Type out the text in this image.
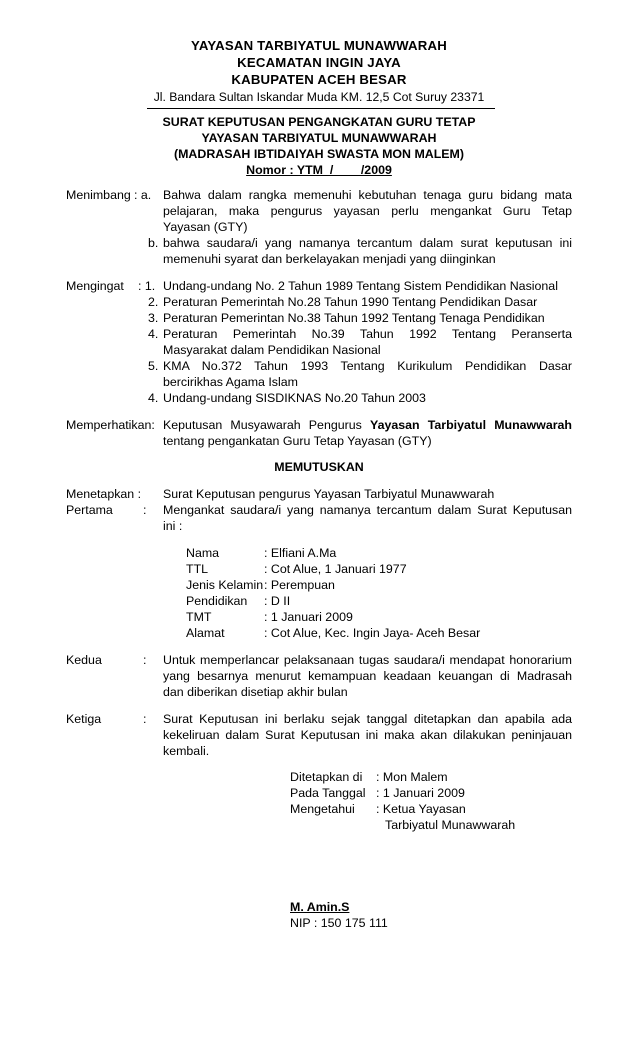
YAYASAN TARBIYATUL MUNAWWARAH
KECAMATAN INGIN JAYA
KABUPATEN ACEH BESAR
Jl. Bandara Sultan Iskandar Muda KM. 12,5 Cot Suruy 23371
SURAT KEPUTUSAN PENGANGKATAN GURU TETAP
YAYASAN TARBIYATUL MUNAWWARAH
(MADRASAH IBTIDAIYAH SWASTA MON MALEM)
Nomor : YTM  /        /2009
Menimbang : a. Bahwa dalam rangka memenuhi kebutuhan tenaga guru bidang mata
pelajaran, maka pengurus yayasan perlu mengankat Guru Tetap
Yayasan (GTY)
b. bahwa saudara/i yang namanya tercantum dalam surat keputusan ini
memenuhi syarat dan berkelayakan menjadi yang diinginkan
Mengingat : 1. Undang-undang No. 2 Tahun 1989 Tentang Sistem Pendidikan Nasional
2. Peraturan Pemerintah No.28 Tahun 1990 Tentang Pendidikan Dasar
3. Peraturan Pemerintan No.38 Tahun 1992 Tentang Tenaga Pendidikan
4. Peraturan Pemerintah No.39 Tahun 1992 Tentang Peranserta
Masyarakat dalam Pendidikan Nasional
5. KMA No.372 Tahun 1993 Tentang Kurikulum Pendidikan Dasar
bercirikhas Agama Islam
4. Undang-undang SISDIKNAS No.20 Tahun 2003
Memperhatikan: Keputusan Musyawarah Pengurus Yayasan Tarbiyatul Munawwarah
tentang pengankatan Guru Tetap Yayasan (GTY)
MEMUTUSKAN
Menetapkan : Surat Keputusan pengurus Yayasan Tarbiyatul Munawwarah
Pertama : Mengankat saudara/i yang namanya tercantum dalam Surat Keputusan
ini :
Nama	: Elfiani A.Ma
TTL	: Cot Alue, 1 Januari 1977
Jenis Kelamin : Perempuan
Pendidikan : D II
TMT	: 1 Januari 2009
Alamat	: Cot Alue, Kec. Ingin Jaya- Aceh Besar
Kedua	: Untuk memperlancar pelaksanaan tugas saudara/i mendapat honorarium
yang besarnya menurut kemampuan keadaan keuangan di Madrasah
dan diberikan disetiap akhir bulan
Ketiga	: Surat Keputusan ini berlaku sejak tanggal ditetapkan dan apabila ada
kekeliruan dalam Surat Keputusan ini maka akan dilakukan peninjauan
kembali.
Ditetapkan di : Mon Malem
Pada Tanggal : 1 Januari 2009
Mengetahui : Ketua Yayasan
Tarbiyatul Munawwarah
M. Amin.S
NIP : 150 175 111
